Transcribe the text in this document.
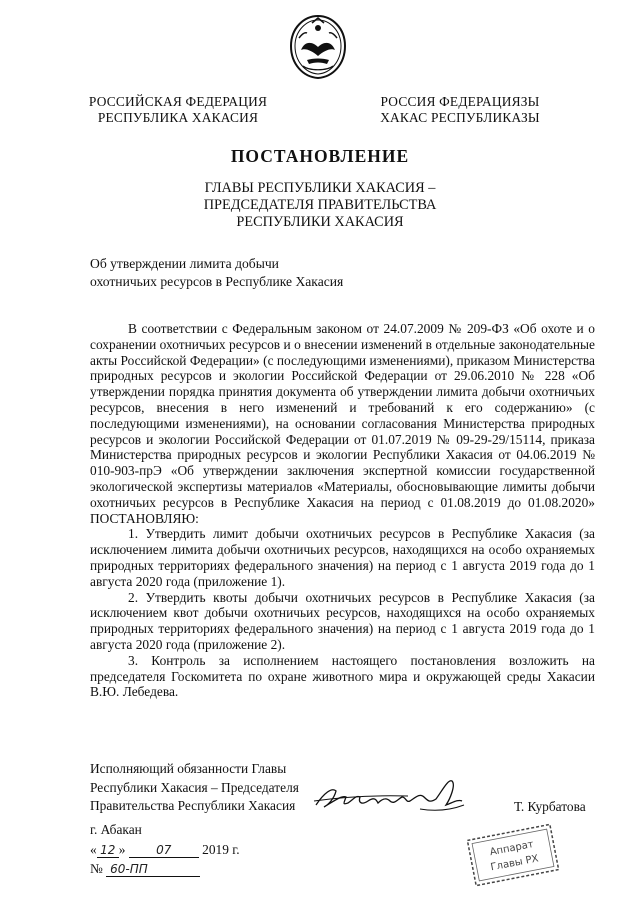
РОССИЙСКАЯ ФЕДЕРАЦИЯ
РЕСПУБЛИКА ХАКАСИЯ
РОССИЯ ФЕДЕРАЦИЯЗЫ
ХАКАС РЕСПУБЛИКАЗЫ
ПОСТАНОВЛЕНИЕ
ГЛАВЫ РЕСПУБЛИКИ ХАКАСИЯ –
ПРЕДСЕДАТЕЛЯ ПРАВИТЕЛЬСТВА
РЕСПУБЛИКИ ХАКАСИЯ
Об утверждении лимита добычи
охотничьих ресурсов в Республике Хакасия

В соответствии с Федеральным законом от 24.07.2009 № 209-ФЗ «Об охоте и о сохранении охотничьих ресурсов и о внесении изменений в отдельные законодательные акты Российской Федерации» (с последующими изменениями), приказом Министерства природных ресурсов и экологии Российской Федерации от 29.06.2010 № 228 «Об утверждении порядка принятия документа об утверждении лимита добычи охотничьих ресурсов, внесения в него изменений и требований к его содержанию» (с последующими изменениями), на основании согласования Министерства природных ресурсов и экологии Российской Федерации от 01.07.2019 № 09-29-29/15114, приказа Министерства природных ресурсов и экологии Республики Хакасия от 04.06.2019 № 010-903-прЭ «Об утверждении заключения экспертной комиссии государственной экологической экспертизы материалов «Материалы, обосновывающие лимиты добычи охотничьих ресурсов в Республике Хакасия на период с 01.08.2019 до 01.08.2020» ПОСТАНОВЛЯЮ:

1. Утвердить лимит добычи охотничьих ресурсов в Республике Хакасия (за исключением лимита добычи охотничьих ресурсов, находящихся на особо охраняемых природных территориях федерального значения) на период с 1 августа 2019 года до 1 августа 2020 года (приложение 1).

2. Утвердить квоты добычи охотничьих ресурсов в Республике Хакасия (за исключением квот добычи охотничьих ресурсов, находящихся на особо охраняемых природных территориях федерального значения) на период с 1 августа 2019 года до 1 августа 2020 года (приложение 2).

3. Контроль за исполнением настоящего постановления возложить на председателя Госкомитета по охране животного мира и окружающей среды Хакасии В.Ю. Лебедева.

Исполняющий обязанности Главы
Республики Хакасия – Председателя
Правительства Республики Хакасия	Т. Курбатова
г. Абакан
« 12 »	07 2019 г.
№ 60-ПП
Аппарат
Главы РХ
